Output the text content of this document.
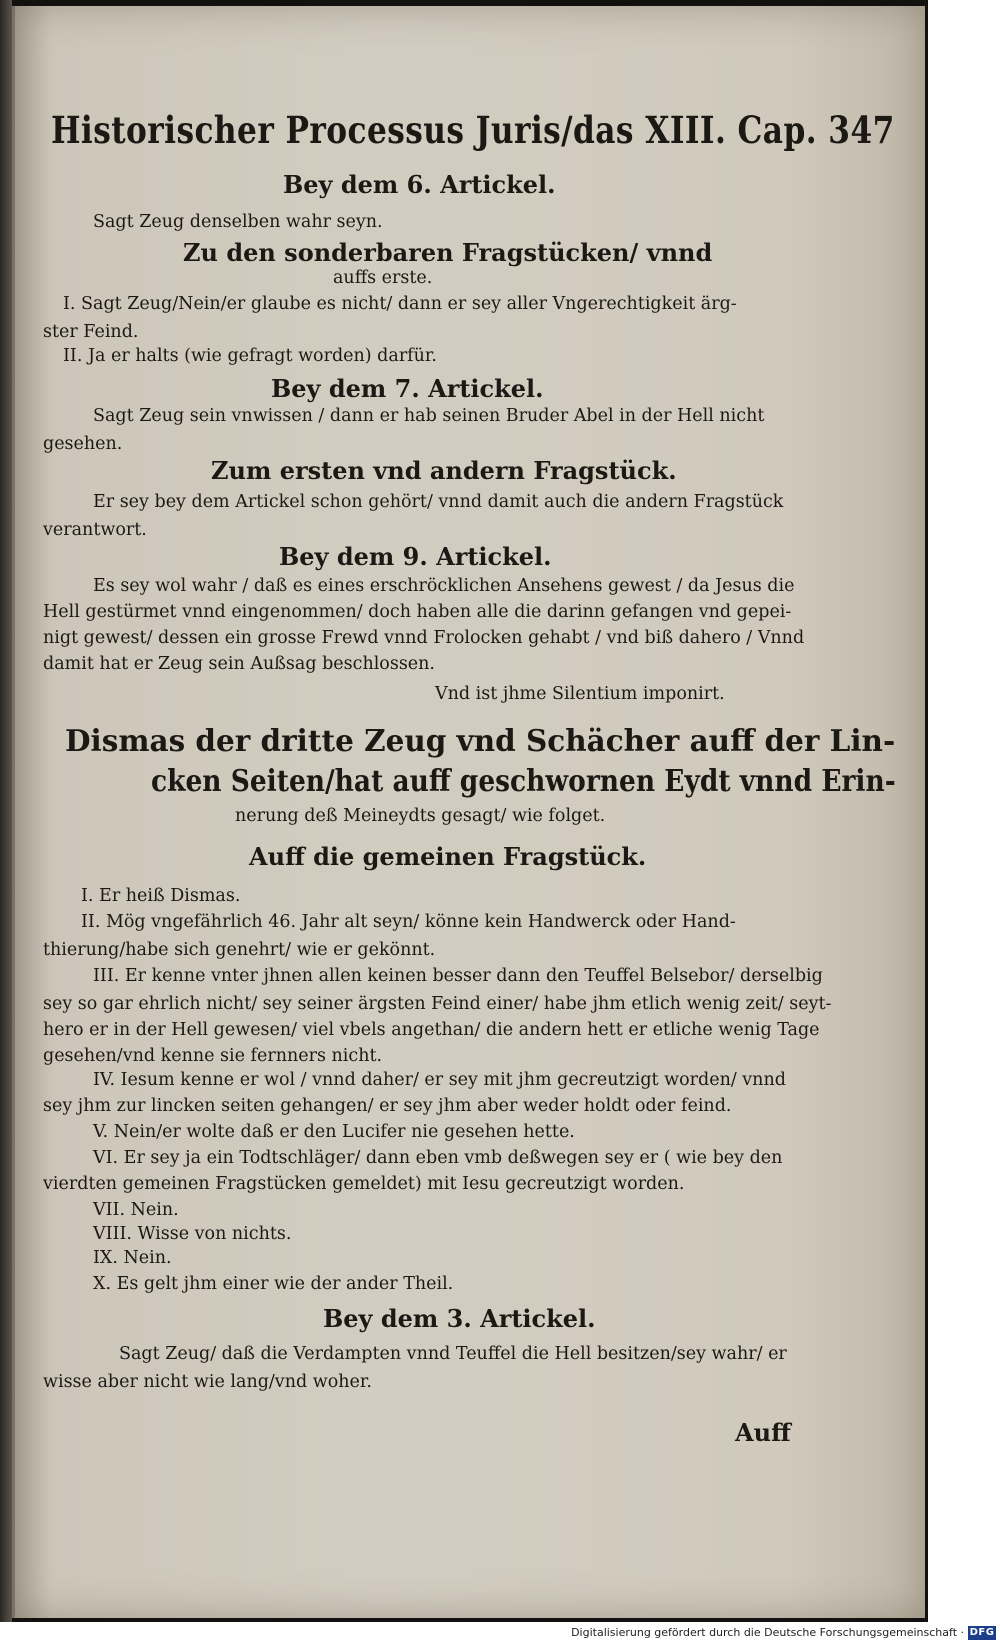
Historischer Processus Juris/das XIII. Cap. 347
Bey dem 6. Artickel.
Sagt Zeug denselben wahr seyn.
Zu den sonderbaren Fragstücken/ vnnd
auffs erste.
I. Sagt Zeug/Nein/er glaube es nicht/ dann er sey aller Vngerechtigkeit ärg-
ster Feind.
II. Ja er halts (wie gefragt worden) darfür.
Bey dem 7. Artickel.
Sagt Zeug sein vnwissen / dann er hab seinen Bruder Abel in der Hell nicht
gesehen.
Zum ersten vnd andern Fragstück.
Er sey bey dem Artickel schon gehört/ vnnd damit auch die andern Fragstück
verantwort.
Bey dem 9. Artickel.
Es sey wol wahr / daß es eines erschröcklichen Ansehens gewest / da Jesus die
Hell gestürmet vnnd eingenommen/ doch haben alle die darinn gefangen vnd gepei-
nigt gewest/ dessen ein grosse Frewd vnnd Frolocken gehabt / vnd biß dahero / Vnnd
damit hat er Zeug sein Außsag beschlossen.
Vnd ist jhme Silentium imponirt.
Dismas der dritte Zeug vnd Schächer auff der Lin-
cken Seiten/hat auff geschwornen Eydt vnnd Erin-
nerung deß Meineydts gesagt/ wie folget.
Auff die gemeinen Fragstück.
I. Er heiß Dismas.
II. Mög vngefährlich 46. Jahr alt seyn/ könne kein Handwerck oder Hand-
thierung/habe sich genehrt/ wie er gekönnt.
III. Er kenne vnter jhnen allen keinen besser dann den Teuffel Belsebor/ derselbig
sey so gar ehrlich nicht/ sey seiner ärgsten Feind einer/ habe jhm etlich wenig zeit/ seyt-
hero er in der Hell gewesen/ viel vbels angethan/ die andern hett er etliche wenig Tage
gesehen/vnd kenne sie fernners nicht.
IV. Iesum kenne er wol / vnnd daher/ er sey mit jhm gecreutzigt worden/ vnnd
sey jhm zur lincken seiten gehangen/ er sey jhm aber weder holdt oder feind.
V. Nein/er wolte daß er den Lucifer nie gesehen hette.
VI. Er sey ja ein Todtschläger/ dann eben vmb deßwegen sey er ( wie bey den
vierdten gemeinen Fragstücken gemeldet) mit Iesu gecreutzigt worden.
VII. Nein.
VIII. Wisse von nichts.
IX. Nein.
X. Es gelt jhm einer wie der ander Theil.
Bey dem 3. Artickel.
Sagt Zeug/ daß die Verdampten vnnd Teuffel die Hell besitzen/sey wahr/ er
wisse aber nicht wie lang/vnd woher.
Auff
Digitalisierung gefördert durch die Deutsche Forschungsgemeinschaft · DFG
